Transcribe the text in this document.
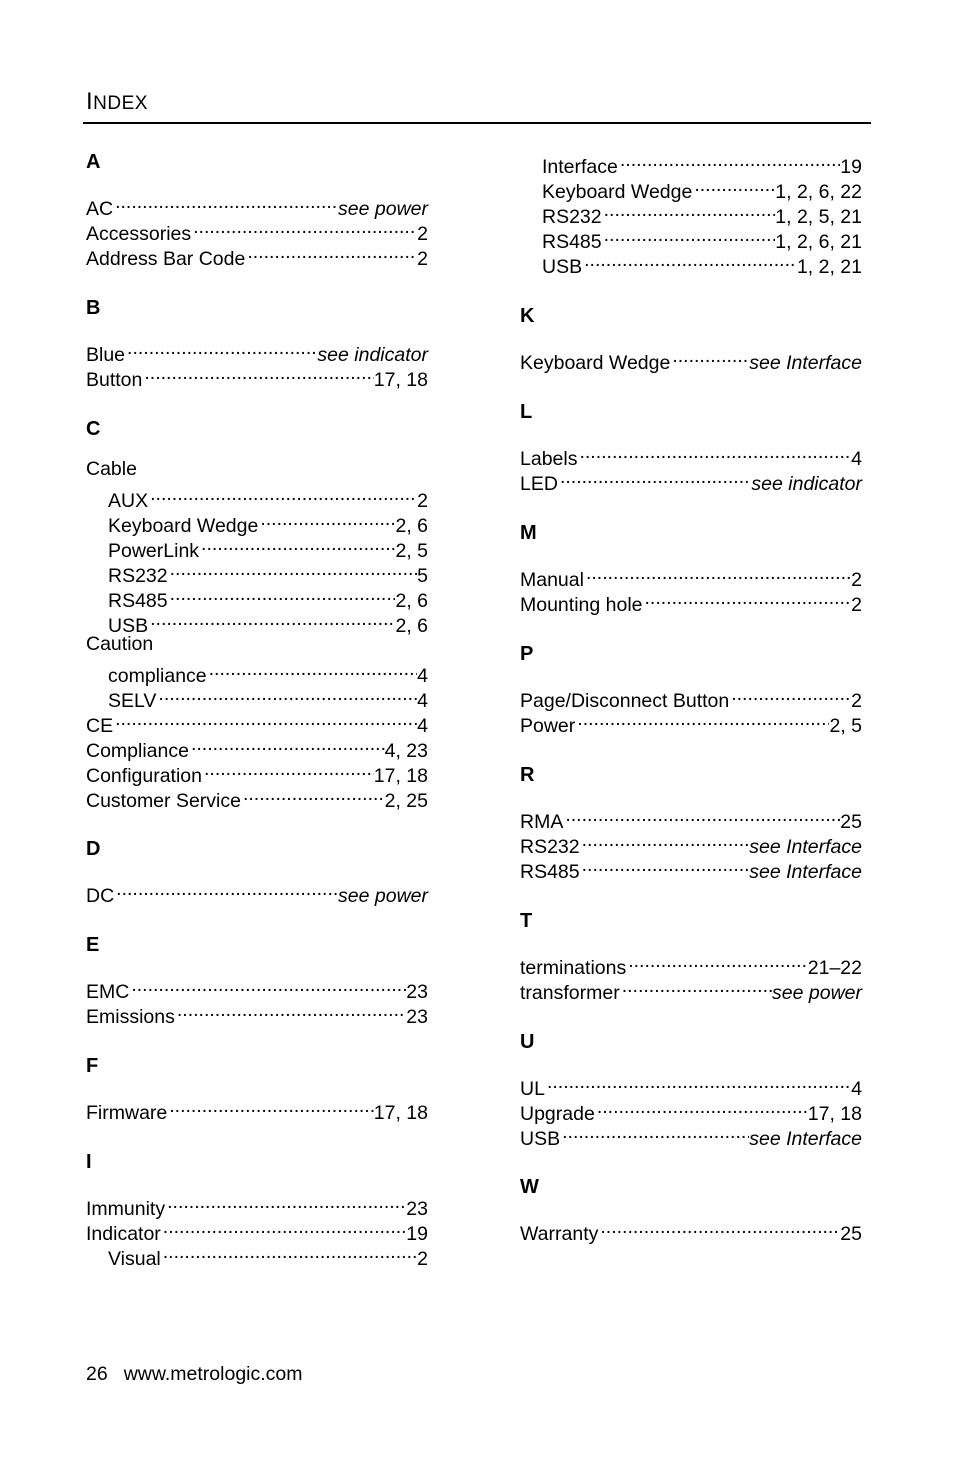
INDEX
A
AC .....	see power
Accessories .....	2
Address Bar Code .....	2
B
Blue .....	see indicator
Button .....	17, 18
C
Cable
AUX .....	2
Keyboard Wedge .....	2, 6
PowerLink .....	2, 5
RS232 .....	5
RS485 .....	2, 6
USB .....	2, 6
Caution
compliance .....	4
SELV .....	4
CE .....	4
Compliance .....	4, 23
Configuration .....	17, 18
Customer Service .....	2, 25
D
DC .....	see power
E
EMC .....	23
Emissions .....	23
F
Firmware .....	17, 18
I
Immunity .....	23
Indicator .....	19
Visual .....	2
Interface .....	19
Keyboard Wedge .....	1, 2, 6, 22
RS232 .....	1, 2, 5, 21
RS485 .....	1, 2, 6, 21
USB .....	1, 2, 21
K
Keyboard Wedge .....	see Interface
L
Labels .....	4
LED .....	see indicator
M
Manual .....	2
Mounting hole .....	2
P
Page/Disconnect Button .....	2
Power .....	2, 5
R
RMA .....	25
RS232 .....	see Interface
RS485 .....	see Interface
T
terminations .....	21–22
transformer .....	see power
U
UL .....	4
Upgrade .....	17, 18
USB .....	see Interface
W
Warranty .....	25
26 www.metrologic.com
